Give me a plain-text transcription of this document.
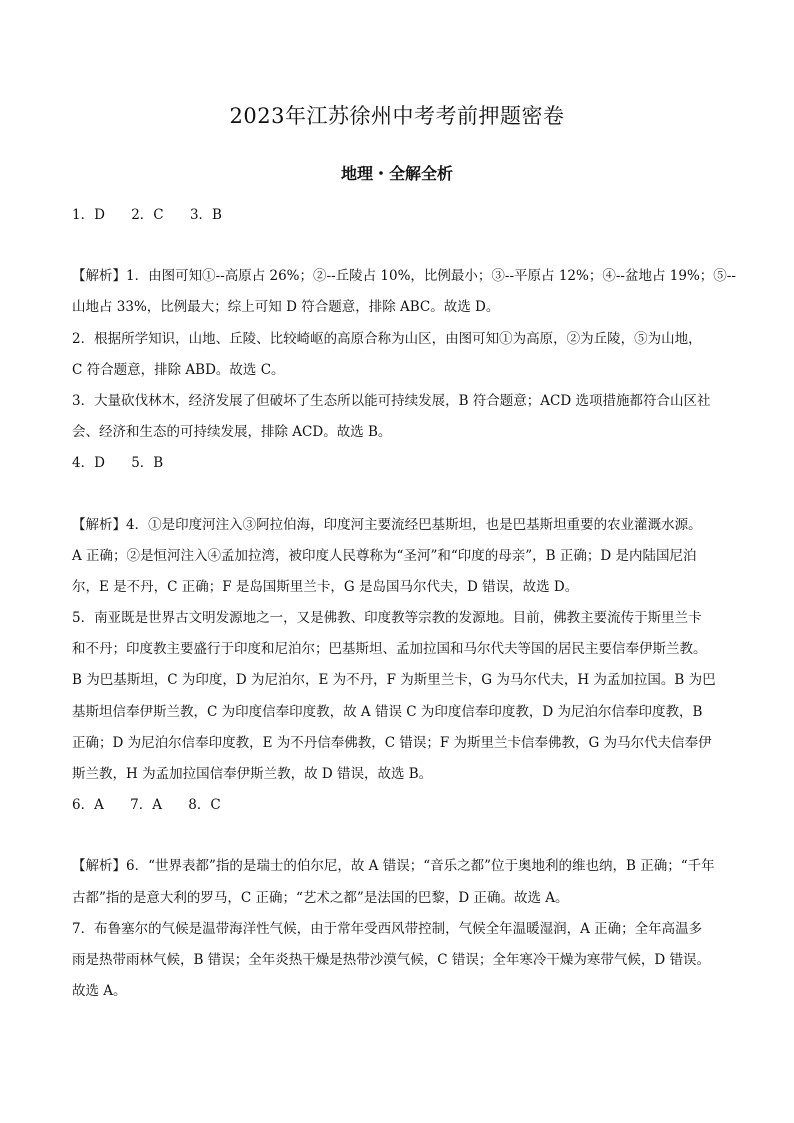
2023年江苏徐州中考考前押题密卷
地理・全解全析
1．D 2．C 3．B
【解析】1．由图可知①--高原占 26%；②--丘陵占 10%，比例最小；③--平原占 12%；④--盆地占 19%；⑤--
山地占 33%，比例最大；综上可知 D 符合题意，排除 ABC。故选 D。
2．根据所学知识，山地、丘陵、比较崎岖的高原合称为山区，由图可知①为高原，②为丘陵，⑤为山地，
C 符合题意，排除 ABD。故选 C。
3．大量砍伐林木，经济发展了但破坏了生态所以能可持续发展，B 符合题意；ACD 选项措施都符合山区社
会、经济和生态的可持续发展，排除 ACD。故选 B。
4．D 5．B
【解析】4．①是印度河注入③阿拉伯海，印度河主要流经巴基斯坦，也是巴基斯坦重要的农业灌溉水源。
A 正确；②是恒河注入④孟加拉湾，被印度人民尊称为“圣河”和“印度的母亲”，B 正确；D 是内陆国尼泊
尔，E 是不丹，C 正确；F 是岛国斯里兰卡，G 是岛国马尔代夫，D 错误，故选 D。
5．南亚既是世界古文明发源地之一，又是佛教、印度教等宗教的发源地。目前，佛教主要流传于斯里兰卡
和不丹；印度教主要盛行于印度和尼泊尔；巴基斯坦、孟加拉国和马尔代夫等国的居民主要信奉伊斯兰教。
B 为巴基斯坦，C 为印度，D 为尼泊尔，E 为不丹，F 为斯里兰卡，G 为马尔代夫，H 为孟加拉国。B 为巴
基斯坦信奉伊斯兰教，C 为印度信奉印度教，故 A 错误 C 为印度信奉印度教，D 为尼泊尔信奉印度教，B
正确；D 为尼泊尔信奉印度教，E 为不丹信奉佛教，C 错误；F 为斯里兰卡信奉佛教，G 为马尔代夫信奉伊
斯兰教，H 为孟加拉国信奉伊斯兰教，故 D 错误，故选 B。
6．A 7．A 8．C
【解析】6．“世界表都”指的是瑞士的伯尔尼，故 A 错误；“音乐之都”位于奥地利的维也纳，B 正确；“千年
古都”指的是意大利的罗马，C 正确；“艺术之都”是法国的巴黎，D 正确。故选 A。
7．布鲁塞尔的气候是温带海洋性气候，由于常年受西风带控制，气候全年温暖湿润，A 正确；全年高温多
雨是热带雨林气候，B 错误；全年炎热干燥是热带沙漠气候，C 错误；全年寒冷干燥为寒带气候，D 错误。
故选 A。
